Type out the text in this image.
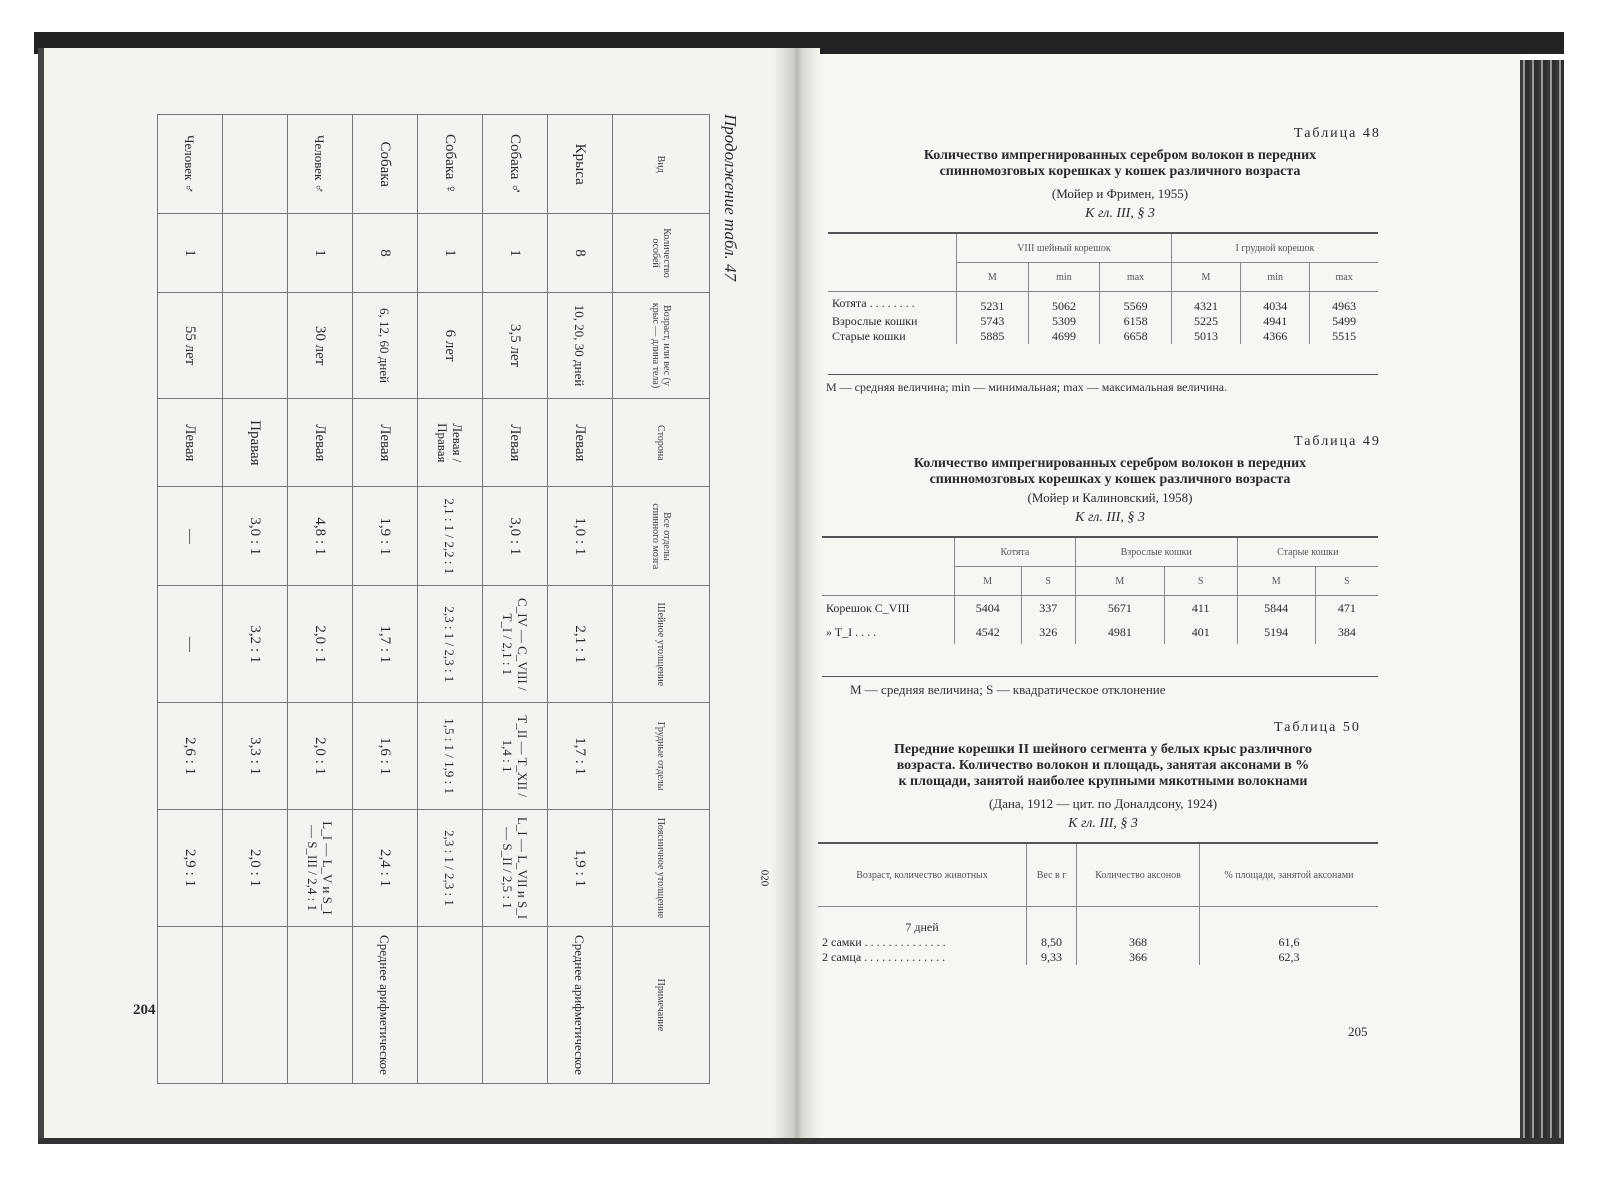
Продолжение табл. 47
Вид	Количество особей	Возраст, или вес (у крыс — длина тела)	Сторона	Все отделы спинного мозга	Шейное утолщение	Грудные отделы	Поясничное утолщение	Примечание
Крыса	8	10, 20, 30 дней	Левая	1,0 : 1	2,1 : 1	1,7 : 1	1,9 : 1	Среднее арифметическое
Собака ♂	1	3,5 лет	Левая	3,0 : 1	C_IV — C_VIII / T_I / 2,1 : 1	T_II — T_XII / 1,4 : 1	L_I — L_VII и S_I — S_II / 2,5 : 1	
Собака ♀	1	6 лет	Левая / Правая	2,1 : 1 / 2,2 : 1	2,3 : 1 / 2,3 : 1	1,5 : 1 / 1,9 : 1	2,3 : 1 / 2,3 : 1	
Собака	8	6, 12, 60 дней	Левая	1,9 : 1	1,7 : 1	1,6 : 1	2,4 : 1	Среднее арифметическое
Человек ♂	1	30 лет	Левая	4,8 : 1	2,0 : 1	2,0 : 1	L_I — L_V и S_I — S_III / 2,4 : 1	
			Правая	3,0 : 1	3,2 : 1	3,3 : 1	2,0 : 1	
Человек ♂	1	55 лет	Левая	—	—	2,6 : 1	2,9 : 1	
204
020
Таблица 48
Количество импрегнированных серебром волокон в передних
спинномозговых корешках у кошек различного возраста
(Мойер и Фримен, 1955)
К гл. III, § 3
	VIII шейный корешок			I грудной корешок		
	M	min	max	M	min	max
Котята . . . . . . . .	5231	5062	5569	4321	4034	4963
Взрослые кошки	5743	5309	6158	5225	4941	5499
Старые кошки	5885	4699	6658	5013	4366	5515
M — средняя величина; min — минимальная; max — максимальная величина.
Таблица 49
Количество импрегнированных серебром волокон в передних
спинномозговых корешках у кошек различного возраста
(Мойер и Калиновский, 1958)
К гл. III, § 3
	Котята		Взрослые кошки		Старые кошки	
	M	S	M	S	M	S
Корешок C_VIII	5404	337	5671	411	5844	471
» T_I . . . .	4542	326	4981	401	5194	384
M — средняя величина; S — квадратическое отклонение
Таблица 50
Передние корешки II шейного сегмента у белых крыс различного
возраста. Количество волокон и площадь, занятая аксонами в %
к площади, занятой наиболее крупными мякотными волокнами
(Дана, 1912 — цит. по Доналдсону, 1924)
К гл. III, § 3
Возраст, количество животных	Вес в г	Количество аксонов	% площади, занятой аксонами
7 дней			
2 самки . . . . . . . . . . . . . .	8,50	368	61,6
2 самца . . . . . . . . . . . . . .	9,33	366	62,3
205
